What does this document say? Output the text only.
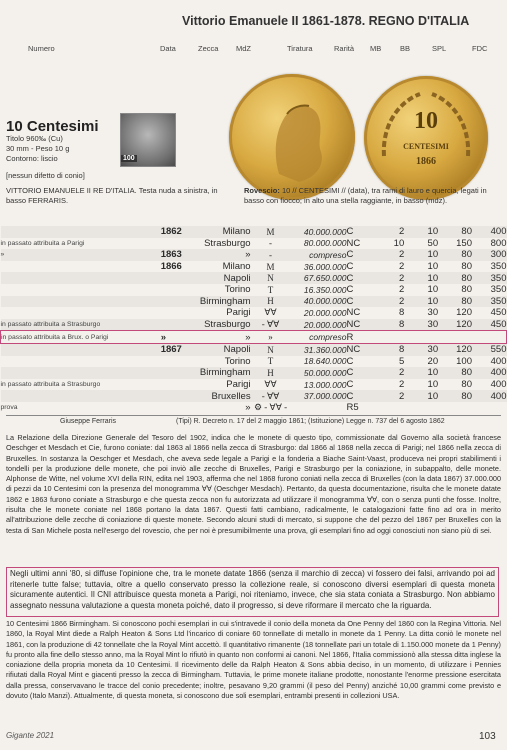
Vittorio Emanuele II 1861-1878. REGNO D'ITALIA
Numero	Data	Zecca MdZ	Tiratura	Rarità MB	BB	SPL	FDC
10
CENTESIMI
1866
10 Centesimi
Titolo 960‰ (Cu)
30 mm - Peso 10 g
Contorno: liscio	100
[nessun difetto di conio]
VITTORIO EMANUELE II RE D'ITALIA. Testa nuda a sinistra, in basso FERRARIS.
Rovescio: 10 // CENTESIMI // (data), tra rami di lauro e quercia, legati in basso con fiocco; in alto una stella raggiante, in basso (mdz).
	1862	Milano	M	40.000.000	C	2	10	80	400
in passato attribuita a Parigi		Strasburgo	-	80.000.000	NC	10	50	150	800
»	1863	»	-	compreso	C	2	10	80	300
	1866	Milano	M	36.000.000	C	2	10	80	350
		Napoli	N	67.650.000	C	2	10	80	350
		Torino	T	16.350.000	C	2	10	80	350
		Birmingham	H	40.000.000	C	2	10	80	350
		Parigi	ⱯⱯ	20.000.000	NC	8	30	120	450
in passato attribuita a Strasburgo		Strasburgo	- ⱯⱯ	20.000.000	NC	8	30	120	450
in passato attribuita a Brux. o Parigi	»	»	»	compreso	R				
	1867	Napoli	N	31.360.000	NC	8	30	120	550
		Torino	T	18.640.000	C	5	20	100	400
		Birmingham	H	50.000.000	C	2	10	80	400
in passato attribuita a Strasburgo		Parigi	ⱯⱯ	13.000.000	C	2	10	80	400
		Bruxelles	- ⱯⱯ	37.000.000	C	2	10	80	400
prova		»	⚙ - ⱯⱯ -		R5				
Giuseppe Ferraris	(Tipi) R. Decreto n. 17 del 2 maggio 1861; (Istituzione) Legge n. 737 del 6 agosto 1862
La Relazione della Direzione Generale del Tesoro del 1902, indica che le monete di questo tipo, commissionate dal Governo alla società francese Oeschger et Mesdach et Cie, furono coniate: dal 1863 al 1866 nella zecca di Strasburgo: dal 1866 al 1868 nella zecca di Parigi; nel 1866 nella zecca di Bruxelles. In sostanza la Oeschger et Mesdach, che aveva sede legale a Parigi e la fonderia a Biache Saint-Vaast, produceva nei propri stabilimenti i tondelli per la produzione delle monete, che poi inviò alle zecche di Bruxelles, Parigi e Strasburgo per la coniazione, in subappalto, delle monete. Alphonse de Witte, nel volume XVI della RIN, edita nel 1903, afferma che nel 1868 furono coniati nella zecca di Bruxelles (con la data 1867) 37.000.000 di pezzi da 10 Centesimi con la presenza del monogramma ⱯⱯ (Oeschger Mesdach). Pertanto, da questa documentazione, risulta che le monete datate 1862 e 1863 furono coniate a Strasburgo e che questa zecca non fu autorizzata ad utilizzare il monogramma ⱯⱯ, con o senza punti che fosse. Inoltre, risulta che le monete coniate nel 1868 portano la data 1867. Questi fatti cambiano, radicalmente, le catalogazioni fatte fino ad ora in merito all'attribuzione delle zecche di coniazione di queste monete. Secondo alcuni studi di mercato, si suppone che del pezzo del 1867 per Bruxelles con la testa di San Michele posta nell'esergo del rovescio, che per noi è presumibilmente una prova, gli esemplari fino ad oggi conosciuti non siano più di sei.
Negli ultimi anni '80, si diffuse l'opinione che, tra le monete datate 1866 (senza il marchio di zecca) vi fossero dei falsi, arrivando poi ad ritenerle tutte false; tuttavia, oltre a quello conservato presso la collezione reale, si conoscono diversi esemplari di questa moneta sicuramente autentici. Il CNI attribuisce questa moneta a Parigi, noi riteniamo, invece, che sia stata coniata a Strasburgo. Non abbiamo assegnato nessuna valutazione a questa moneta poiché, dato il progresso, si deve riformare il mercato che la riguarda.
10 Centesimi 1866 Birmingham. Si conoscono pochi esemplari in cui s'intravede il conio della moneta da One Penny del 1860 con la Regina Vittoria. Nel 1860, la Royal Mint diede a Ralph Heaton & Sons Ltd l'incarico di coniare 60 tonnellate di metallo in monete da 1 Penny. La ditta coniò le monete nel 1861, con la produzione di 42 tonnellate che la Royal Mint accettò. Il quantitativo rimanente (18 tonnellate pari un totale di 1.150.000 monete da 1 Penny) fu pronto alla fine dello stesso anno, ma la Royal Mint lo rifiutò in quanto non conformi ai canoni. Nel 1866, l'Italia commissionò alla stessa ditta inglese la coniazione della propria moneta da 10 Centesimi. Il ricevimento delle da Ralph Heaton & Sons abbia deciso, in un momento, di utilizzare i Pennies rifiutati dalla Royal Mint e giacenti presso la zecca di Birmingham. Tuttavia, le prime monete italiane prodotte, nonostante l'enorme pressione esercitata dalla pressa, conservavano le tracce del conio precedente; inoltre, pesavano 9,20 grammi (il peso del Penny) anziché 10,00 grammi come previsto e dovuto (Italo Manzi). Attualmente, di questa moneta, si conoscono due soli esemplari, entrambi presenti in collezioni USA.
Gigante 2021	103
